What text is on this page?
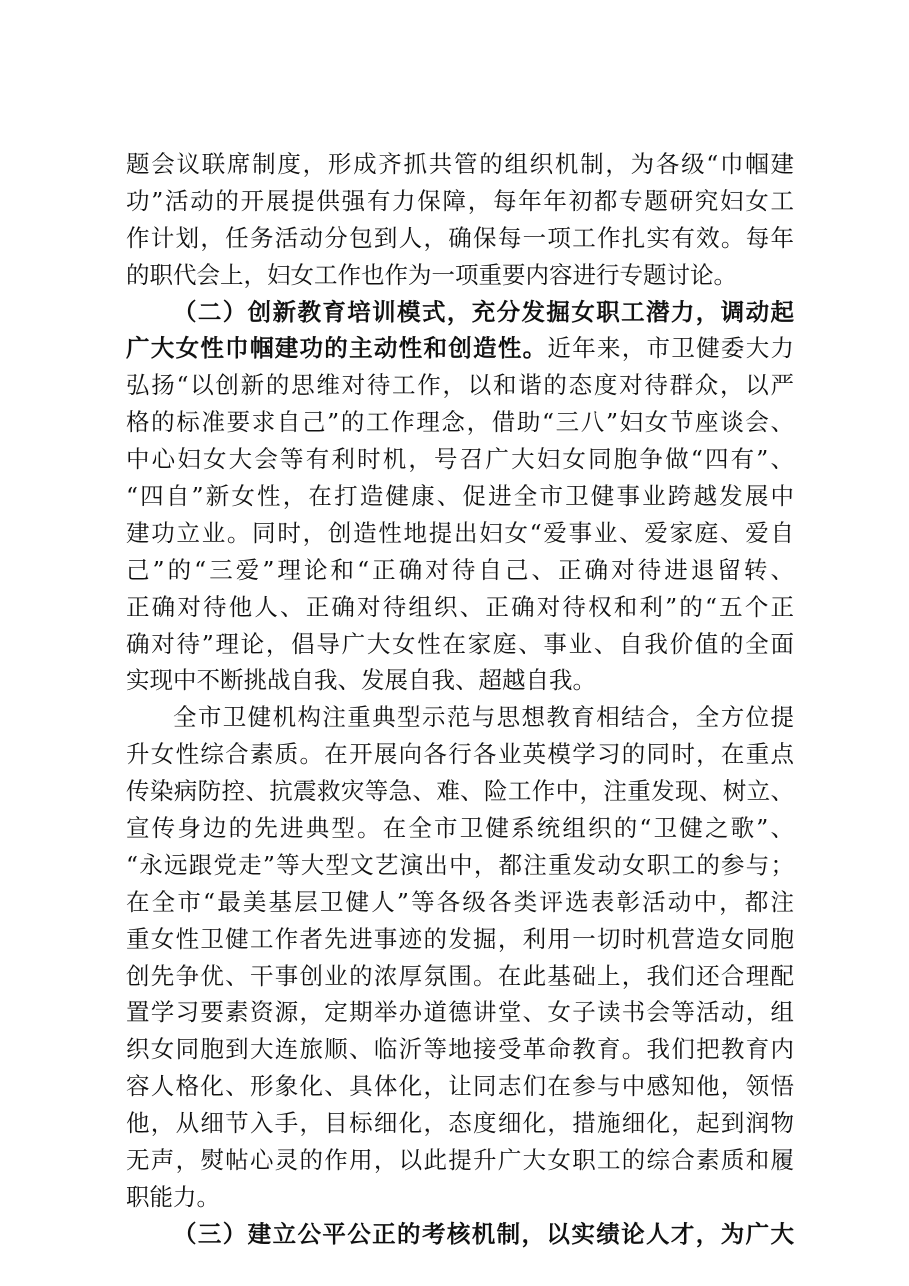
题会议联席制度，形成齐抓共管的组织机制，为各级“巾帼建
功”活动的开展提供强有力保障，每年年初都专题研究妇女工
作计划，任务活动分包到人，确保每一项工作扎实有效。每年
的职代会上，妇女工作也作为一项重要内容进行专题讨论。
（二）创新教育培训模式，充分发掘女职工潜力，调动起
广大女性巾帼建功的主动性和创造性。近年来，市卫健委大力
弘扬“以创新的思维对待工作，以和谐的态度对待群众，以严
格的标准要求自己”的工作理念，借助“三八”妇女节座谈会、
中心妇女大会等有利时机，号召广大妇女同胞争做“四有”、
“四自”新女性，在打造健康、促进全市卫健事业跨越发展中
建功立业。同时，创造性地提出妇女“爱事业、爱家庭、爱自
己”的“三爱”理论和“正确对待自己、正确对待进退留转、
正确对待他人、正确对待组织、正确对待权和利”的“五个正
确对待”理论，倡导广大女性在家庭、事业、自我价值的全面
实现中不断挑战自我、发展自我、超越自我。
全市卫健机构注重典型示范与思想教育相结合，全方位提
升女性综合素质。在开展向各行各业英模学习的同时，在重点
传染病防控、抗震救灾等急、难、险工作中，注重发现、树立、
宣传身边的先进典型。在全市卫健系统组织的“卫健之歌”、
“永远跟党走”等大型文艺演出中，都注重发动女职工的参与；
在全市“最美基层卫健人”等各级各类评选表彰活动中，都注
重女性卫健工作者先进事迹的发掘，利用一切时机营造女同胞
创先争优、干事创业的浓厚氛围。在此基础上，我们还合理配
置学习要素资源，定期举办道德讲堂、女子读书会等活动，组
织女同胞到大连旅顺、临沂等地接受革命教育。我们把教育内
容人格化、形象化、具体化，让同志们在参与中感知他，领悟
他，从细节入手，目标细化，态度细化，措施细化，起到润物
无声，熨帖心灵的作用，以此提升广大女职工的综合素质和履
职能力。
（三）建立公平公正的考核机制，以实绩论人才，为广大
